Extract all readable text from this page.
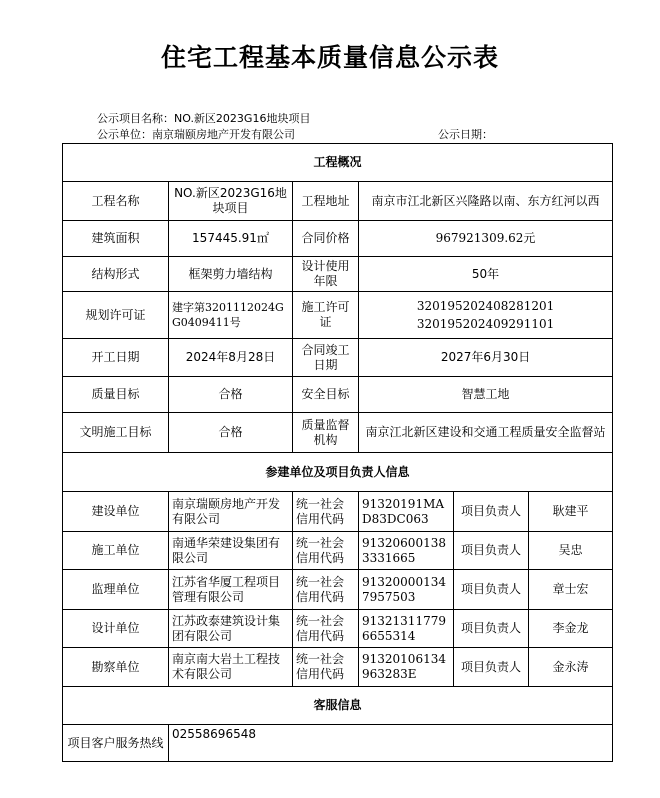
住宅工程基本质量信息公示表
公示项目名称：NO.新区2023G16地块项目
公示单位：南京瑞颐房地产开发有限公司	公示日期：
工程概况					
工程名称	NO.新区2023G16地块项目	工程地址	南京市江北新区兴隆路以南、东方红河以西		
建筑面积	157445.91㎡	合同价格	967921309.62元		
结构形式	框架剪力墙结构	设计使用年限	50年		
规划许可证	建字第3201112024GG0409411号	施工许可证	320195202408281201
320195202409291101		

开工日期	2024年8月28日	合同竣工日期	2027年6月30日		
质量目标	合格	安全目标	智慧工地		
文明施工目标	合格	质量监督机构	南京江北新区建设和交通工程质量安全监督站		
参建单位及项目负责人信息					
建设单位	南京瑞颐房地产开发有限公司	统一社会信用代码	91320191MAD83DC063	项目负责人	耿建平
施工单位	南通华荣建设集团有限公司	统一社会信用代码	913206001383331665	项目负责人	吴忠
监理单位	江苏省华厦工程项目管理有限公司	统一社会信用代码	913200001347957503	项目负责人	章士宏
设计单位	江苏政泰建筑设计集团有限公司	统一社会信用代码	913213117796655314	项目负责人	李金龙
勘察单位	南京南大岩土工程技术有限公司	统一社会信用代码	91320106134963283E	项目负责人	金永涛
客服信息					
项目客户服务热线	02558696548				
